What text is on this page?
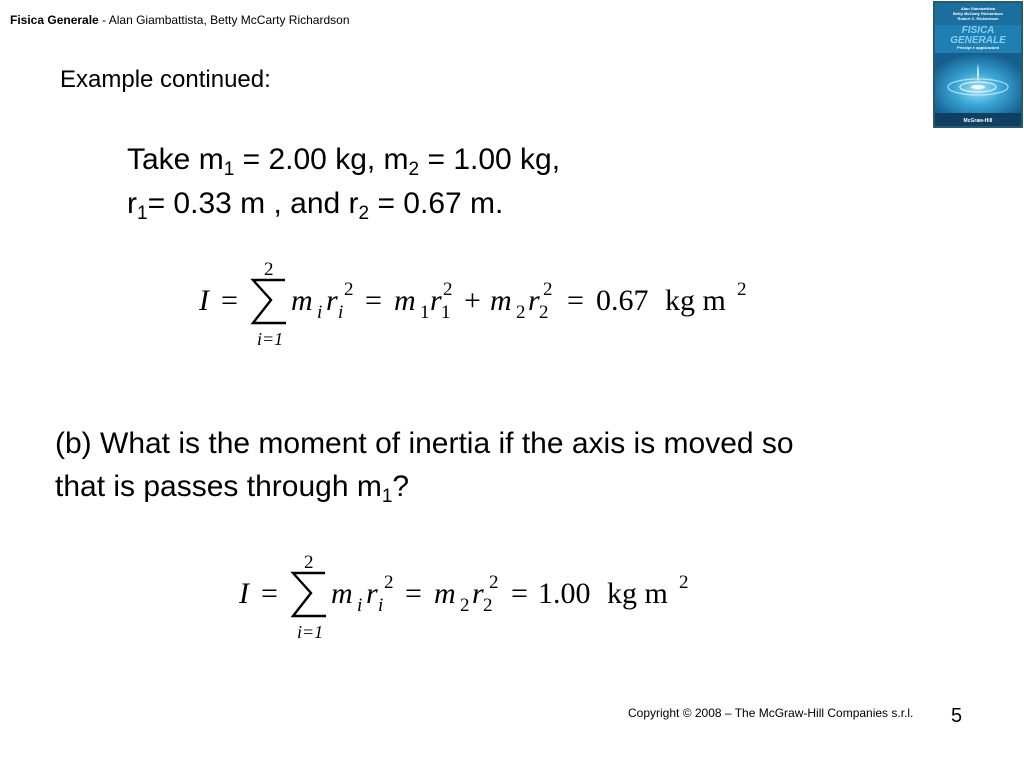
Fisica Generale - Alan Giambattista, Betty McCarty Richardson
Alan Giambattista
Betty McCarty Richardson
Robert C. Richardson
FISICA
GENERALE
Principi e applicazioni
McGraw-Hill
Example continued:
Take $m_1 = 2.00$ kg, $m_2 = 1.00$ kg,
$r_1= 0.33$ m , and $r_2 = 0.67$ m.
I =
2
i=1
m i r i
2 = m 1 r 1
2 + m 2 r 2
2 = 0.67 kg m 2
(b) What is the moment of inertia if the axis is moved so
that is passes through $m_1$?
I =
2
i=1
m i r i
2 = m 2 r 2
2 = 1.00 kg m 2
Copyright © 2008 – The McGraw-Hill Companies s.r.l. 5
